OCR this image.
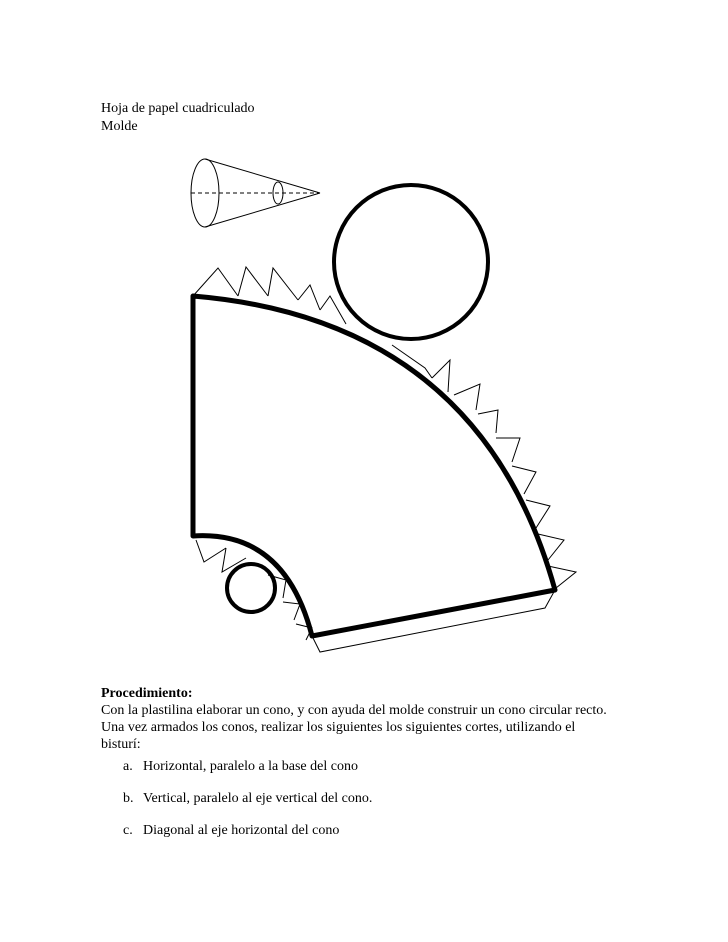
Hoja de papel cuadriculado
Molde
Procedimiento:
Con la plastilina elaborar un cono, y con ayuda del molde construir un cono circular recto.
Una vez armados los conos, realizar los siguientes los siguientes cortes, utilizando el
bisturí:
a. Horizontal, paralelo a la base del cono
b. Vertical, paralelo al eje vertical del cono.
c. Diagonal al eje horizontal del cono
